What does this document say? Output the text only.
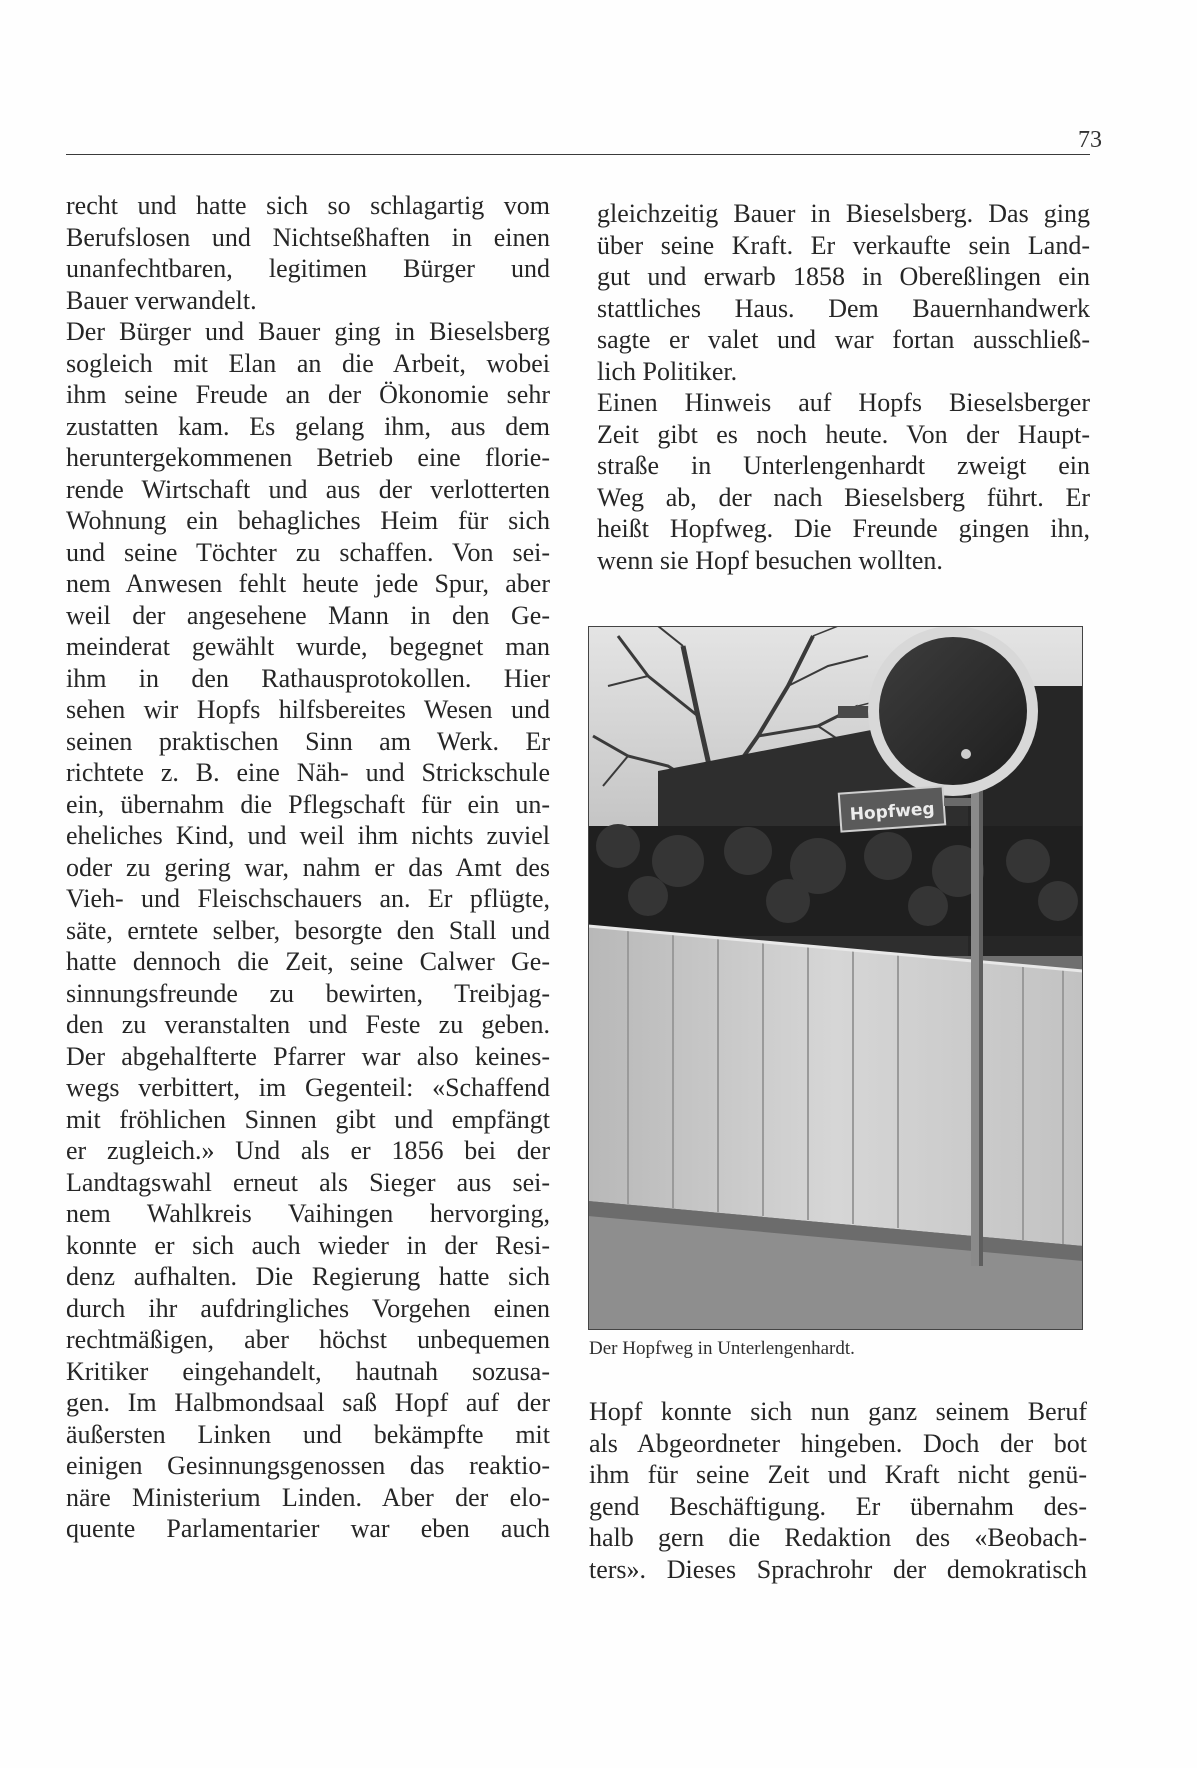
73
recht und hatte sich so schlagartig vom
Berufslosen und Nichtseßhaften in einen
unanfechtbaren, legitimen Bürger und
Bauer verwandelt.
Der Bürger und Bauer ging in Bieselsberg
sogleich mit Elan an die Arbeit, wobei
ihm seine Freude an der Ökonomie sehr
zustatten kam. Es gelang ihm, aus dem
heruntergekommenen Betrieb eine florie-
rende Wirtschaft und aus der verlotterten
Wohnung ein behagliches Heim für sich
und seine Töchter zu schaffen. Von sei-
nem Anwesen fehlt heute jede Spur, aber
weil der angesehene Mann in den Ge-
meinderat gewählt wurde, begegnet man
ihm in den Rathausprotokollen. Hier
sehen wir Hopfs hilfsbereites Wesen und
seinen praktischen Sinn am Werk. Er
richtete z. B. eine Näh- und Strickschule
ein, übernahm die Pflegschaft für ein un-
eheliches Kind, und weil ihm nichts zuviel
oder zu gering war, nahm er das Amt des
Vieh- und Fleischschauers an. Er pflügte,
säte, erntete selber, besorgte den Stall und
hatte dennoch die Zeit, seine Calwer Ge-
sinnungsfreunde zu bewirten, Treibjag-
den zu veranstalten und Feste zu geben.
Der abgehalfterte Pfarrer war also keines-
wegs verbittert, im Gegenteil: «Schaffend
mit fröhlichen Sinnen gibt und empfängt
er zugleich.» Und als er 1856 bei der
Landtagswahl erneut als Sieger aus sei-
nem Wahlkreis Vaihingen hervorging,
konnte er sich auch wieder in der Resi-
denz aufhalten. Die Regierung hatte sich
durch ihr aufdringliches Vorgehen einen
rechtmäßigen, aber höchst unbequemen
Kritiker eingehandelt, hautnah sozusa-
gen. Im Halbmondsaal saß Hopf auf der
äußersten Linken und bekämpfte mit
einigen Gesinnungsgenossen das reaktio-
näre Ministerium Linden. Aber der elo-
quente Parlamentarier war eben auch
gleichzeitig Bauer in Bieselsberg. Das ging
über seine Kraft. Er verkaufte sein Land-
gut und erwarb 1858 in Obereßlingen ein
stattliches Haus. Dem Bauernhandwerk
sagte er valet und war fortan ausschließ-
lich Politiker.
Einen Hinweis auf Hopfs Bieselsberger
Zeit gibt es noch heute. Von der Haupt-
straße in Unterlengenhardt zweigt ein
Weg ab, der nach Bieselsberg führt. Er
heißt Hopfweg. Die Freunde gingen ihn,
wenn sie Hopf besuchen wollten.
Hopfweg
Der Hopfweg in Unterlengenhardt.
Hopf konnte sich nun ganz seinem Beruf
als Abgeordneter hingeben. Doch der bot
ihm für seine Zeit und Kraft nicht genü-
gend Beschäftigung. Er übernahm des-
halb gern die Redaktion des «Beobach-
ters». Dieses Sprachrohr der demokratisch
